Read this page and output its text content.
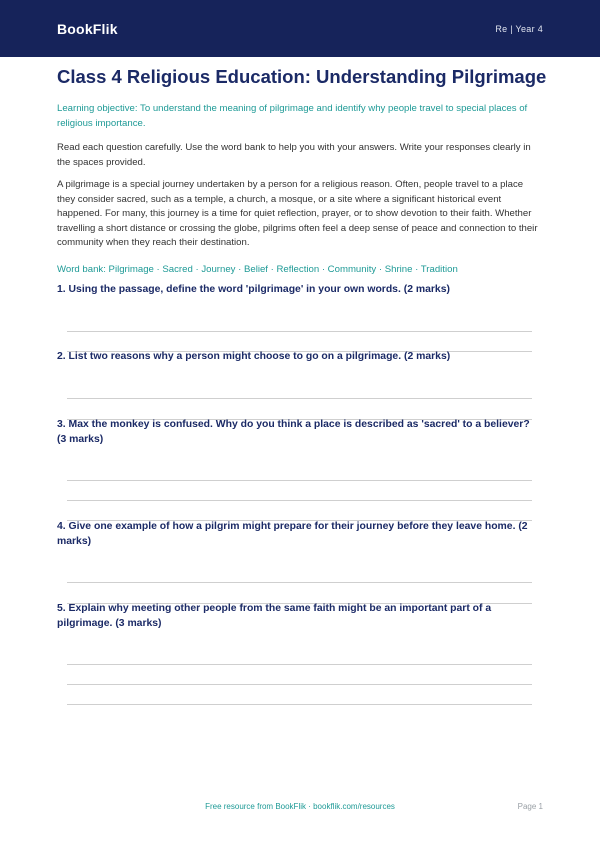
BookFlik	Re | Year 4
Class 4 Religious Education: Understanding Pilgrimage

Learning objective: To understand the meaning of pilgrimage and identify why people travel to special places of religious importance.

Read each question carefully. Use the word bank to help you with your answers. Write your responses clearly in the spaces provided.

A pilgrimage is a special journey undertaken by a person for a religious reason. Often, people travel to a place they consider sacred, such as a temple, a church, a mosque, or a site where a significant historical event happened. For many, this journey is a time for quiet reflection, prayer, or to show devotion to their faith. Whether travelling a short distance or crossing the globe, pilgrims often feel a deep sense of peace and connection to their community when they reach their destination.

Word bank: Pilgrimage · Sacred · Journey · Belief · Reflection · Community · Shrine · Tradition

1. Using the passage, define the word 'pilgrimage' in your own words. (2 marks)
2. List two reasons why a person might choose to go on a pilgrimage. (2 marks)
3. Max the monkey is confused. Why do you think a place is described as 'sacred' to a believer? (3 marks)
4. Give one example of how a pilgrim might prepare for their journey before they leave home. (2 marks)
5. Explain why meeting other people from the same faith might be an important part of a pilgrimage. (3 marks)
Free resource from BookFlik · bookflik.com/resources	Page 1
